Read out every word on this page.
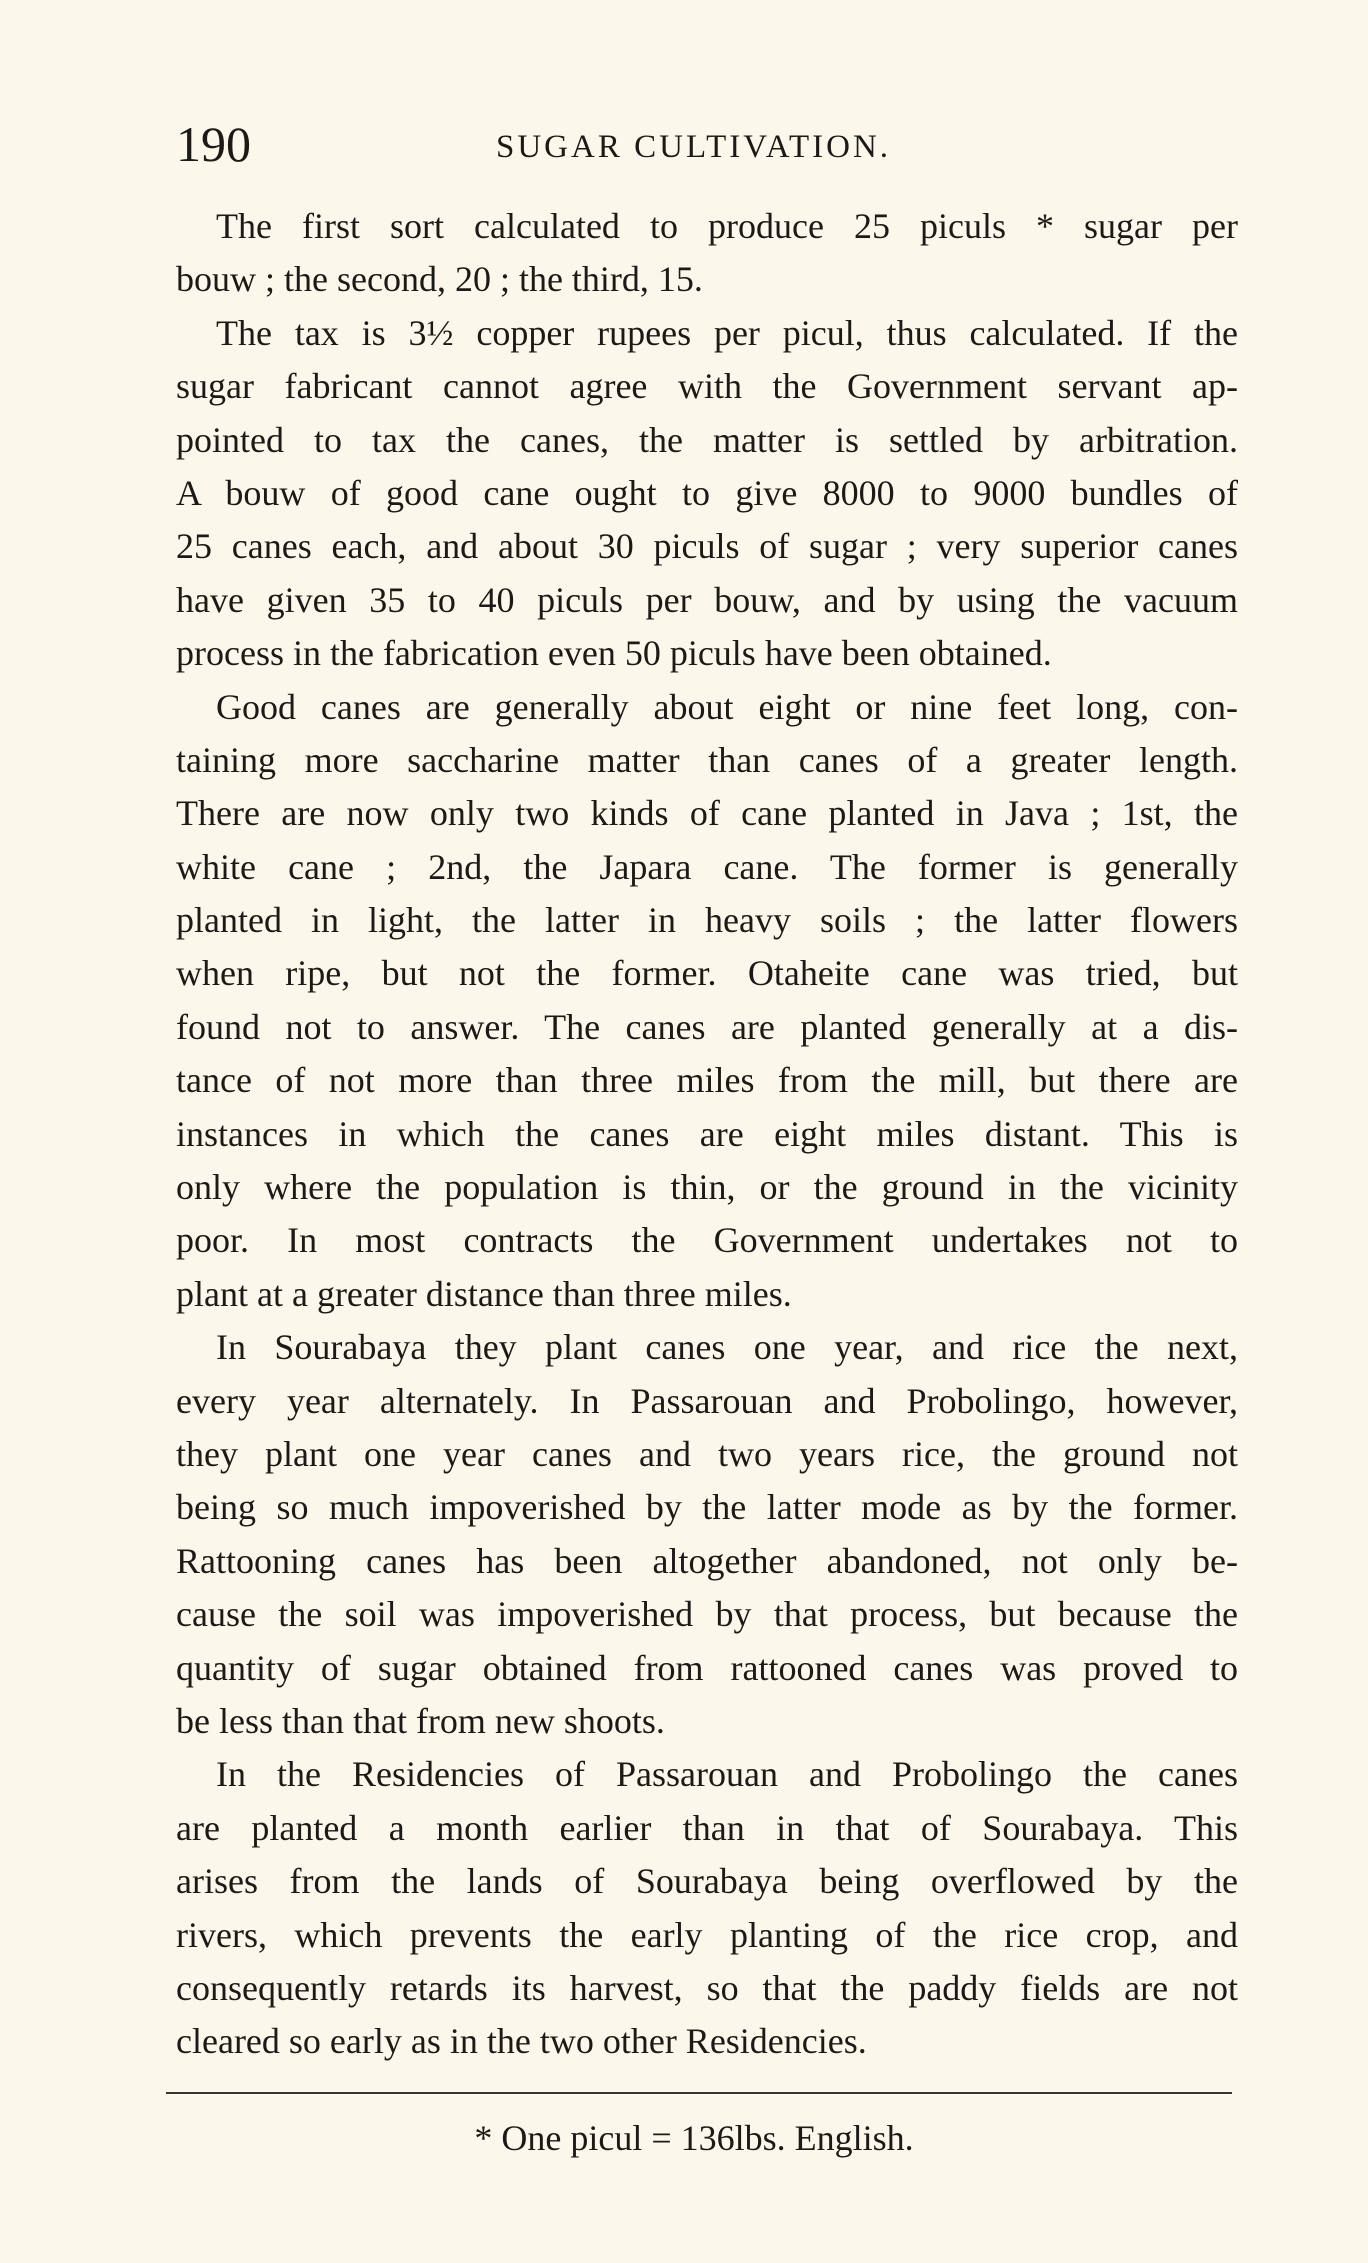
190	SUGAR CULTIVATION.
The first sort calculated to produce 25 piculs * sugar per
bouw ; the second, 20 ; the third, 15.
The tax is 3½ copper rupees per picul, thus calculated. If the
sugar fabricant cannot agree with the Government servant ap-
pointed to tax the canes, the matter is settled by arbitration.
A bouw of good cane ought to give 8000 to 9000 bundles of
25 canes each, and about 30 piculs of sugar ; very superior canes
have given 35 to 40 piculs per bouw, and by using the vacuum
process in the fabrication even 50 piculs have been obtained.
Good canes are generally about eight or nine feet long, con-
taining more saccharine matter than canes of a greater length.
There are now only two kinds of cane planted in Java ; 1st, the
white cane ; 2nd, the Japara cane. The former is generally
planted in light, the latter in heavy soils ; the latter flowers
when ripe, but not the former. Otaheite cane was tried, but
found not to answer. The canes are planted generally at a dis-
tance of not more than three miles from the mill, but there are
instances in which the canes are eight miles distant. This is
only where the population is thin, or the ground in the vicinity
poor. In most contracts the Government undertakes not to
plant at a greater distance than three miles.
In Sourabaya they plant canes one year, and rice the next,
every year alternately. In Passarouan and Probolingo, however,
they plant one year canes and two years rice, the ground not
being so much impoverished by the latter mode as by the former.
Rattooning canes has been altogether abandoned, not only be-
cause the soil was impoverished by that process, but because the
quantity of sugar obtained from rattooned canes was proved to
be less than that from new shoots.
In the Residencies of Passarouan and Probolingo the canes
are planted a month earlier than in that of Sourabaya. This
arises from the lands of Sourabaya being overflowed by the
rivers, which prevents the early planting of the rice crop, and
consequently retards its harvest, so that the paddy fields are not
cleared so early as in the two other Residencies.
* One picul = 136lbs. English.
